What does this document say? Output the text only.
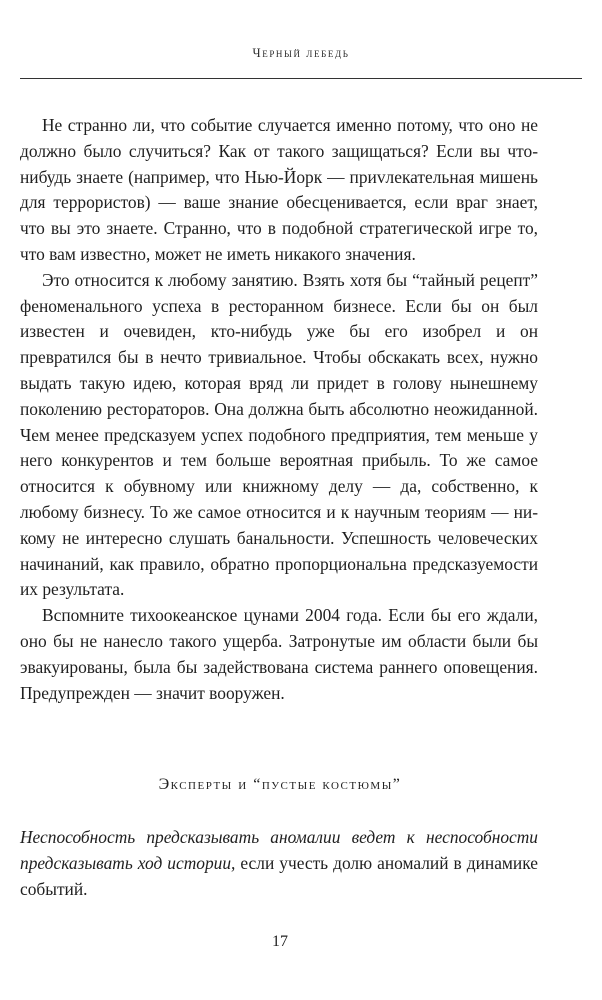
Черный лебедь

Не странно ли, что событие случается именно потому, что оно не должно было случиться? Как от такого защищаться? Если вы что-нибудь знаете (например, что Нью-Йорк — приvлекательная мишень для террористов) — ваше знание обесценивается, если враг знает, что вы это знаете. Странно, что в подобной стратегической игре то, что вам известно, может не иметь никакого значения.

Это относится к любому занятию. Взять хотя бы “тайный рецепт” феноменального успеха в ресторанном бизнесе. Если бы он был известен и очевиден, кто-нибудь уже бы его изобрел и он превратился бы в нечто тривиальное. Чтобы обскакать всех, нужно выдать такую идею, которая вряд ли придет в голову нынешнему поколению рестораторов. Она должна быть абсолютно неожиданной. Чем менее предсказуем успех подобного предприятия, тем меньше у него конкурентов и тем больше вероятная прибыль. То же самое относится к обувному или книжному делу — да, собственно, к любому бизнесу. То же самое относится и к научным теориям — никому не интересно слушать банальности. Успешность человеческих начинаний, как правило, обратно пропорциональна предсказуемости их результата.

Вспомните тихоокеанское цунами 2004 года. Если бы его ждали, оно бы не нанесло такого ущерба. Затронутые им области были бы эвакуированы, была бы задействована система раннего оповещения. Предупрежден — значит вооружен.

Эксперты и “пустые костюмы”

Неспособность предсказывать аномалии ведет к неспособности предсказывать ход истории, если учесть долю аномалий в динамике событий.

17
